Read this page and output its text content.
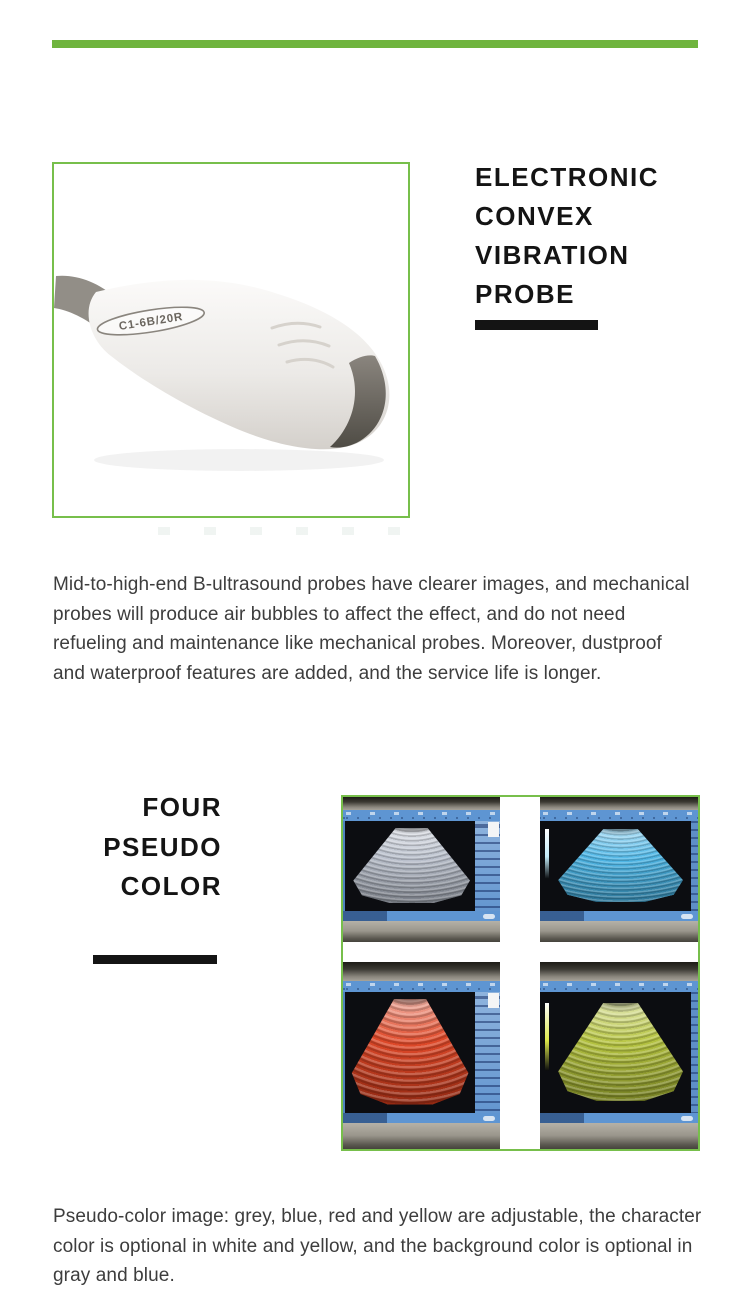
C1-6B/20R
ELECTRONIC CONVEX VIBRATION PROBE

Mid-to-high-end B-ultrasound probes have clearer images, and mechanical probes will produce air bubbles to affect the effect, and do not need refueling and maintenance like mechanical probes. Moreover, dustproof and waterproof features are added, and the service life is longer.

FOUR PSEUDO COLOR

Pseudo-color image: grey, blue, red and yellow are adjustable, the character color is optional in white and yellow, and the background color is optional in gray and blue.
